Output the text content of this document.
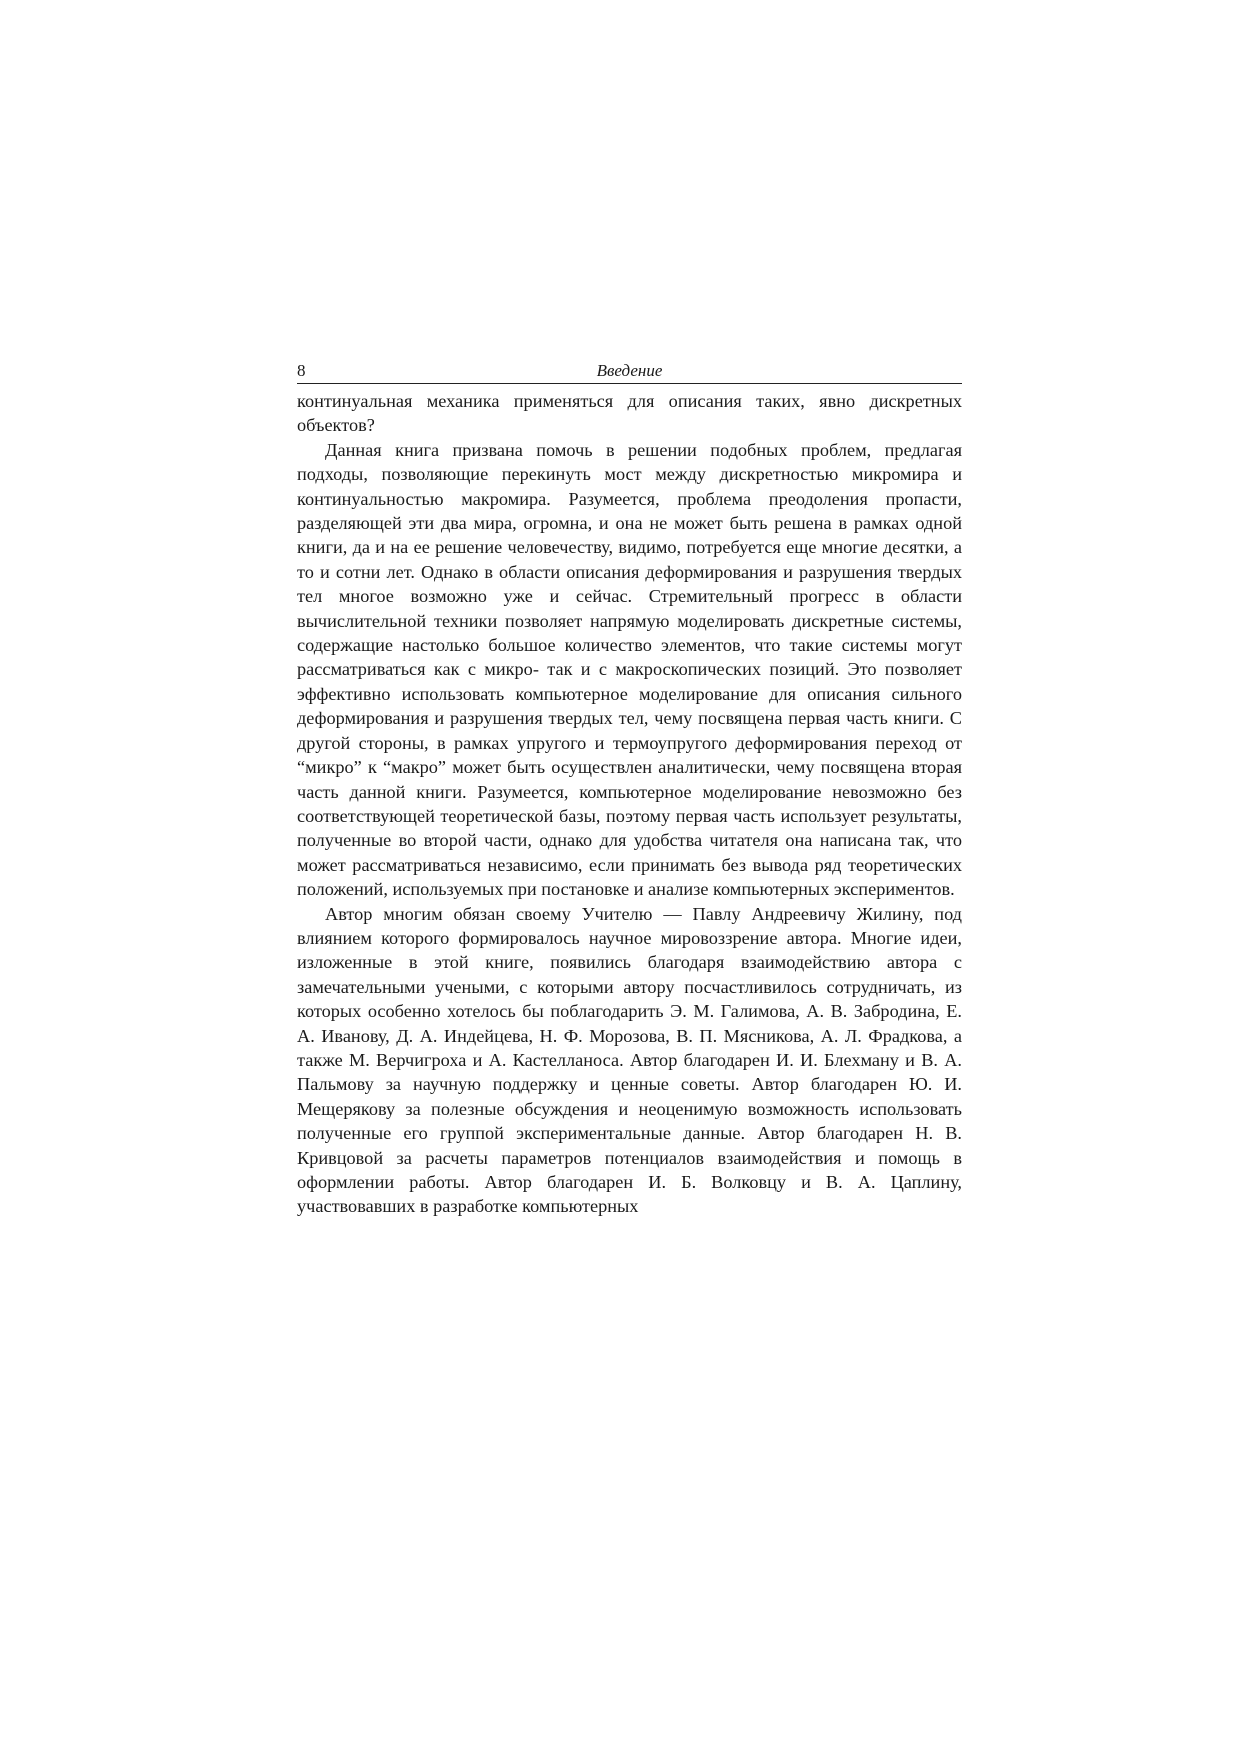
8	Введение

континуальная механика применяться для описания таких, явно дискретных объектов?

Данная книга призвана помочь в решении подобных проблем, предлагая подходы, позволяющие перекинуть мост между дискретностью микромира и континуальностью макромира. Разумеется, проблема преодоления пропасти, разделяющей эти два мира, огромна, и она не может быть решена в рамках одной книги, да и на ее решение человечеству, видимо, потребуется еще многие десятки, а то и сотни лет. Однако в области описания деформирования и разрушения твердых тел многое возможно уже и сейчас. Стремительный прогресс в области вычислительной техники позволяет напрямую моделировать дискретные системы, содержащие настолько большое количество элементов, что такие системы могут рассматриваться как с микро- так и с макроскопических позиций. Это позволяет эффективно использовать компьютерное моделирование для описания сильного деформирования и разрушения твердых тел, чему посвящена первая часть книги. С другой стороны, в рамках упругого и термоупругого деформирования переход от “микро” к “макро” может быть осуществлен аналитически, чему посвящена вторая часть данной книги. Разумеется, компьютерное моделирование невозможно без соответствующей теоретической базы, поэтому первая часть использует результаты, полученные во второй части, однако для удобства читателя она написана так, что может рассматриваться независимо, если принимать без вывода ряд теоретических положений, используемых при постановке и анализе компьютерных экспериментов.

Автор многим обязан своему Учителю — Павлу Андреевичу Жилину, под влиянием которого формировалось научное мировоззрение автора. Многие идеи, изложенные в этой книге, появились благодаря взаимодействию автора с замечательными учеными, с которыми автору посчастливилось сотрудничать, из которых особенно хотелось бы поблагодарить Э. М. Галимова, А. В. Забродина, Е. А. Иванову, Д. А. Индейцева, Н. Ф. Морозова, В. П. Мясникова, А. Л. Фрадкова, а также М. Верчигроха и А. Кастелланоса. Автор благодарен И. И. Блехману и В. А. Пальмову за научную поддержку и ценные советы. Автор благодарен Ю. И. Мещерякову за полезные обсуждения и неоценимую возможность использовать полученные его группой экспериментальные данные. Автор благодарен Н. В. Кривцовой за расчеты параметров потенциалов взаимодействия и помощь в оформлении работы. Автор благодарен И. Б. Волковцу и В. А. Цаплину, участвовавших в разработке компьютерных
